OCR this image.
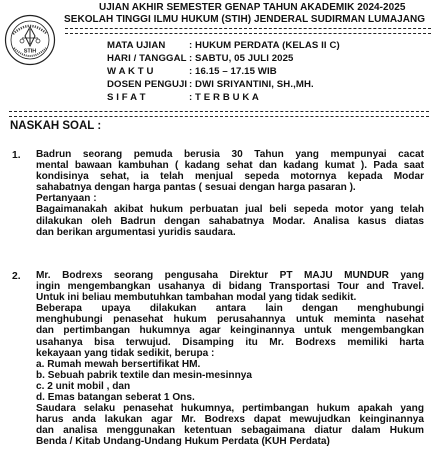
STIH
UJIAN AKHIR SEMESTER GENAP TAHUN AKADEMIK 2024-2025
SEKOLAH TINGGI ILMU HUKUM (STIH) JENDERAL SUDIRMAN LUMAJANG
MATA UJIAN : HUKUM PERDATA (KELAS II C)
HARI / TANGGAL : SABTU, 05 JULI 2025
W A K T U	: 16.15 – 17.15 WIB
DOSEN PENGUJI : DWI SRIYANTINI, SH.,MH.
S I F A T	: T E R B U K A
NASKAH SOAL :
1. Badrun seorang pemuda berusia 30 Tahun yang mempunyai cacat
mental bawaan kambuhan ( kadang sehat dan kadang kumat ). Pada saat
kondisinya sehat, ia telah menjual sepeda motornya kepada Modar
sahabatnya dengan harga pantas ( sesuai dengan harga pasaran ).
Pertanyaan :
Bagaimanakah akibat hukum perbuatan jual beli sepeda motor yang telah
dilakukan oleh Badrun dengan sahabatnya Modar. Analisa kasus diatas
dan berikan argumentasi yuridis saudara.
2. Mr. Bodrexs seorang pengusaha Direktur PT MAJU MUNDUR yang
ingin mengembangkan usahanya di bidang Transportasi Tour and Travel.
Untuk ini beliau membutuhkan tambahan modal yang tidak sedikit.
Beberapa upaya dilakukan antara lain dengan menghubungi
menghubungi penasehat hukum perusahannya untuk meminta nasehat
dan pertimbangan hukumnya agar keinginannya untuk mengembangkan
usahanya bisa terwujud. Disamping itu Mr. Bodrexs memiliki harta
kekayaan yang tidak sedikit, berupa :
a. Rumah mewah bersertifikat HM.
b. Sebuah pabrik textile dan mesin-mesinnya
c. 2 unit mobil , dan
d. Emas batangan seberat 1 Ons.
Saudara selaku penasehat hukumnya, pertimbangan hukum apakah yang
harus anda lakukan agar Mr. Bodrexs dapat mewujudkan keinginannya
dan analisa menggunakan ketentuan sebagaimana diatur dalam Hukum
Benda / Kitab Undang-Undang Hukum Perdata (KUH Perdata)
